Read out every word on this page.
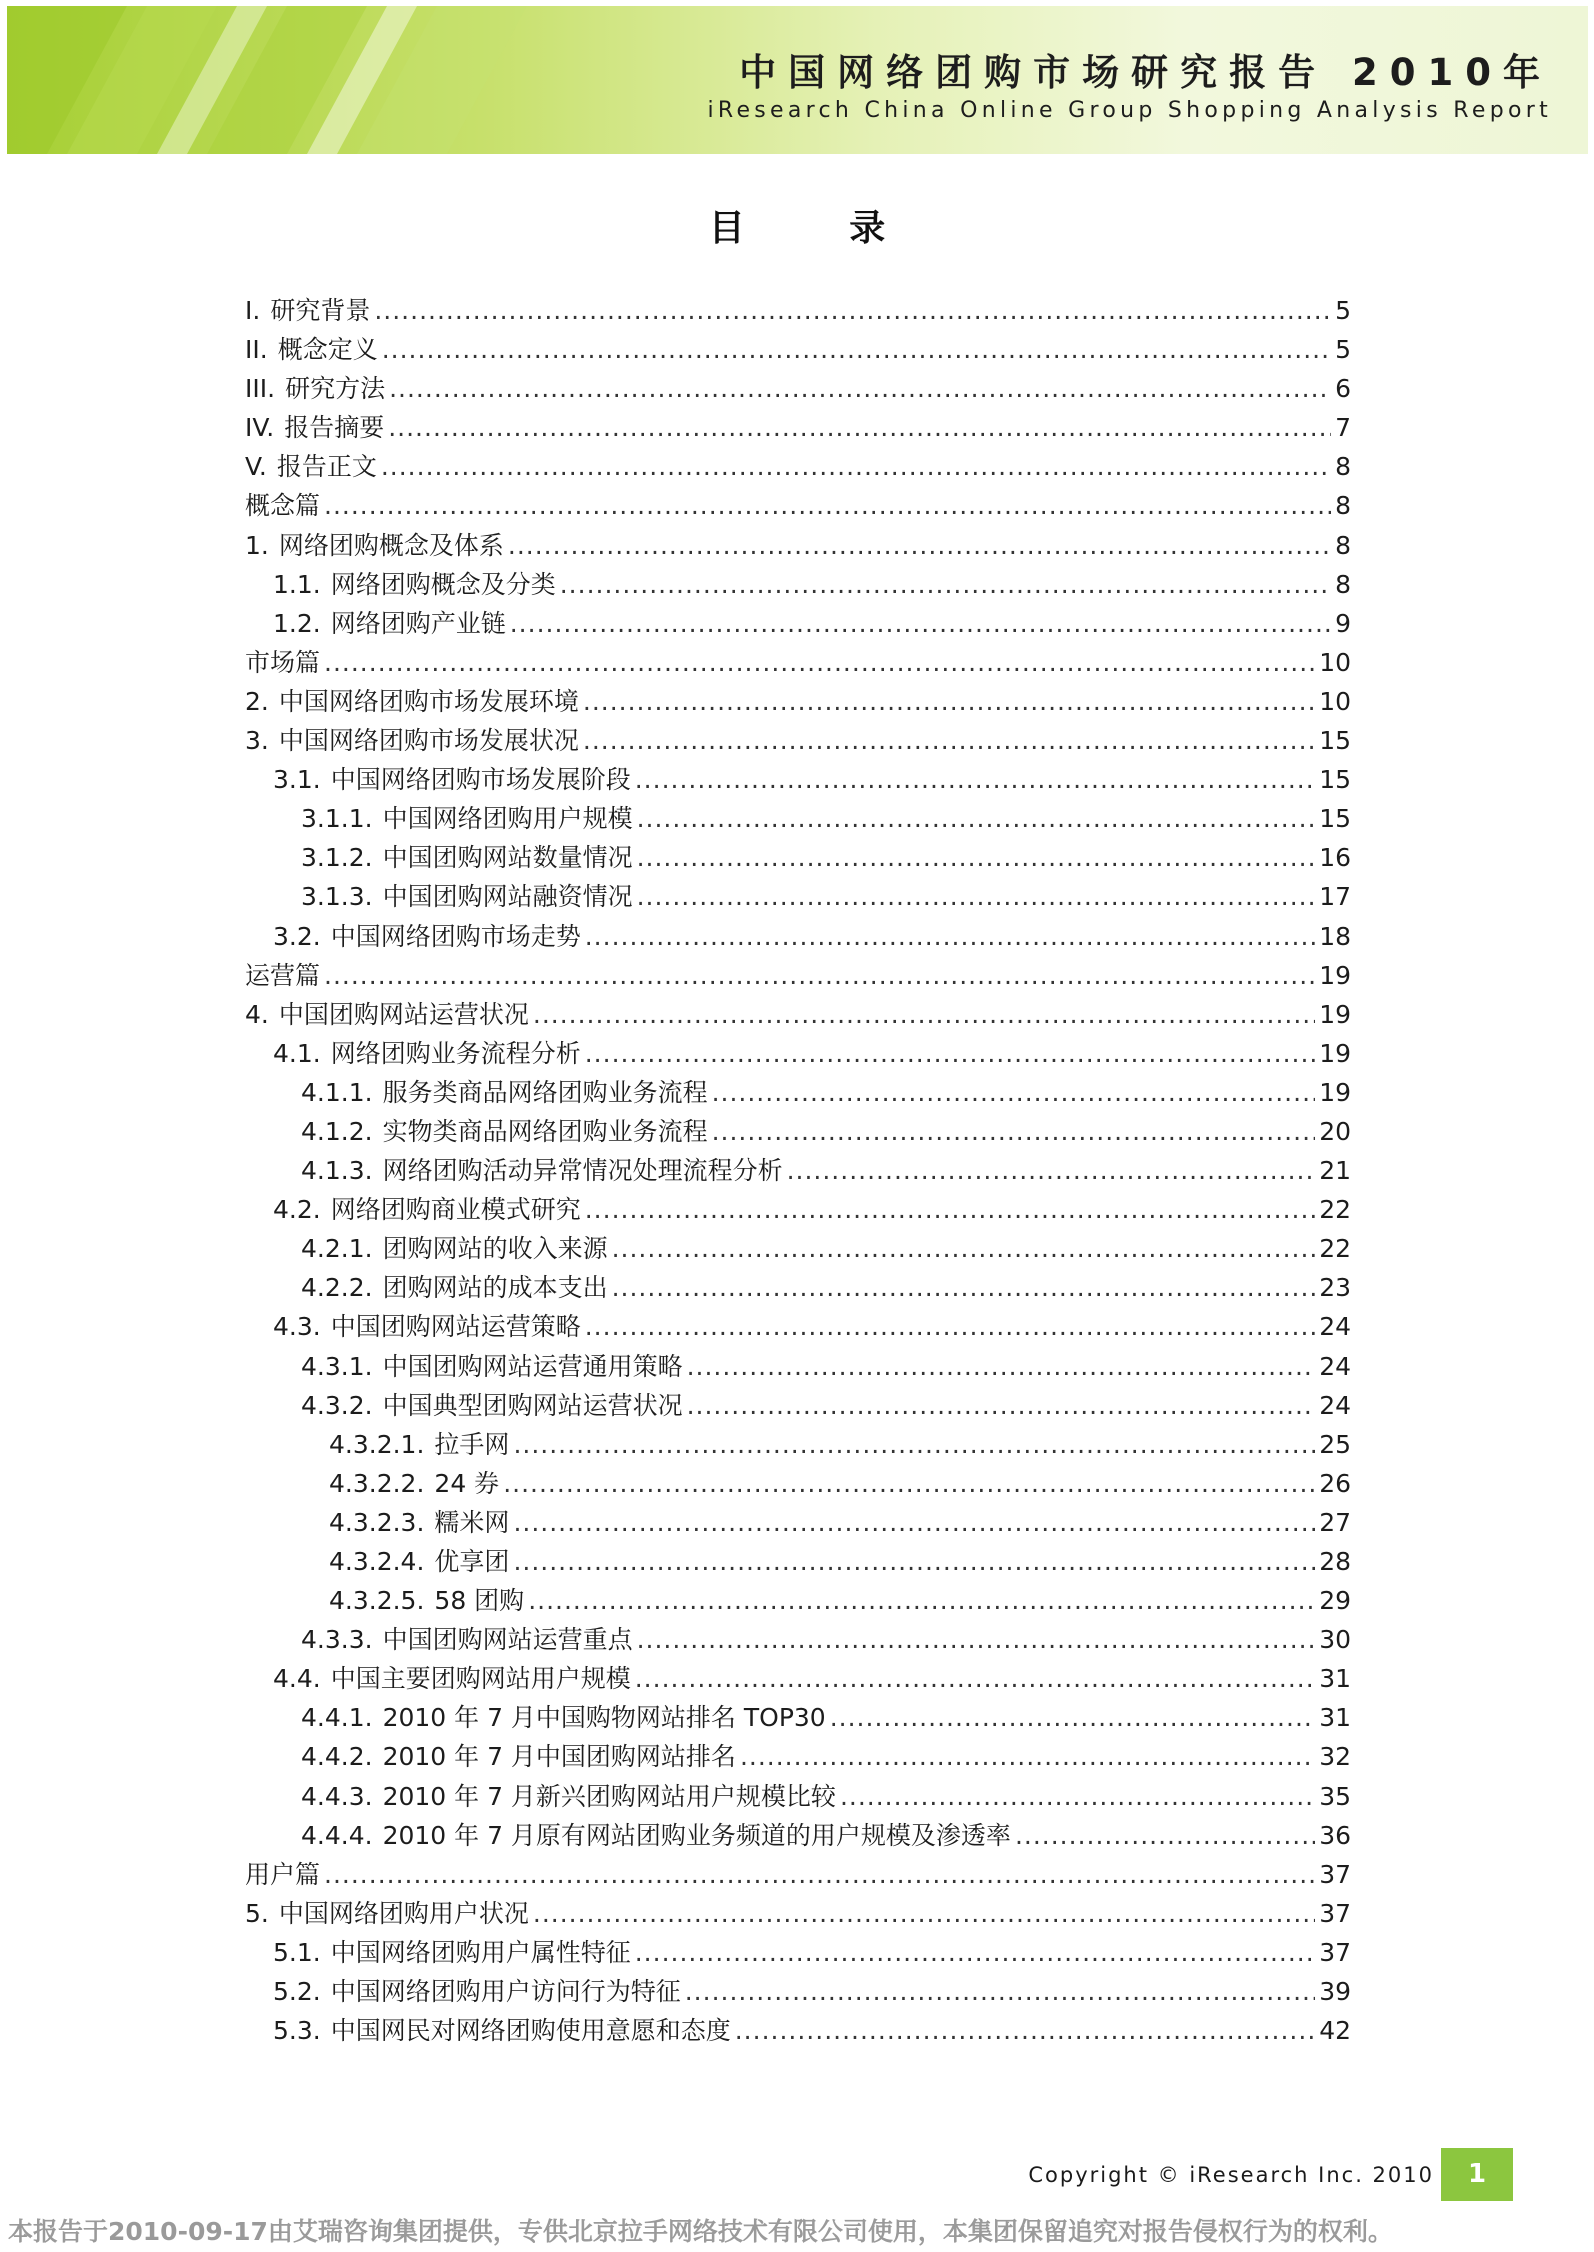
中国网络团购市场研究报告 2010年
iResearch China Online Group Shopping Analysis Report
目 录
I. 研究背景 .....	5
II. 概念定义 .....	5
III. 研究方法 .....	6
IV. 报告摘要 .....	7
V. 报告正文 .....	8
概念篇 .....	8
1. 网络团购概念及体系 .....	8
1.1. 网络团购概念及分类 .....	8
1.2. 网络团购产业链 .....	9
市场篇 .....	10
2. 中国网络团购市场发展环境 .....	10
3. 中国网络团购市场发展状况 .....	15
3.1. 中国网络团购市场发展阶段 .....	15
3.1.1. 中国网络团购用户规模 .....	15
3.1.2. 中国团购网站数量情况 .....	16
3.1.3. 中国团购网站融资情况 .....	17
3.2. 中国网络团购市场走势 .....	18
运营篇 .....	19
4. 中国团购网站运营状况 .....	19
4.1. 网络团购业务流程分析 .....	19
4.1.1. 服务类商品网络团购业务流程 .....	19
4.1.2. 实物类商品网络团购业务流程 .....	20
4.1.3. 网络团购活动异常情况处理流程分析 .....	21
4.2. 网络团购商业模式研究 .....	22
4.2.1. 团购网站的收入来源 .....	22
4.2.2. 团购网站的成本支出 .....	23
4.3. 中国团购网站运营策略 .....	24
4.3.1. 中国团购网站运营通用策略 .....	24
4.3.2. 中国典型团购网站运营状况 .....	24
4.3.2.1. 拉手网 .....	25
4.3.2.2. 24 券 .....	26
4.3.2.3. 糯米网 .....	27
4.3.2.4. 优享团 .....	28
4.3.2.5. 58 团购 .....	29
4.3.3. 中国团购网站运营重点 .....	30
4.4. 中国主要团购网站用户规模 .....	31
4.4.1. 2010 年 7 月中国购物网站排名 TOP30 .....	31
4.4.2. 2010 年 7 月中国团购网站排名 .....	32
4.4.3. 2010 年 7 月新兴团购网站用户规模比较 .....	35
4.4.4. 2010 年 7 月原有网站团购业务频道的用户规模及渗透率 .....	36
用户篇 .....	37
5. 中国网络团购用户状况 .....	37
5.1. 中国网络团购用户属性特征 .....	37
5.2. 中国网络团购用户访问行为特征 .....	39
5.3. 中国网民对网络团购使用意愿和态度 .....	42
Copyright © iResearch Inc. 2010	1
本报告于2010-09-17由艾瑞咨询集团提供，专供北京拉手网络技术有限公司使用，本集团保留追究对报告侵权行为的权利。
